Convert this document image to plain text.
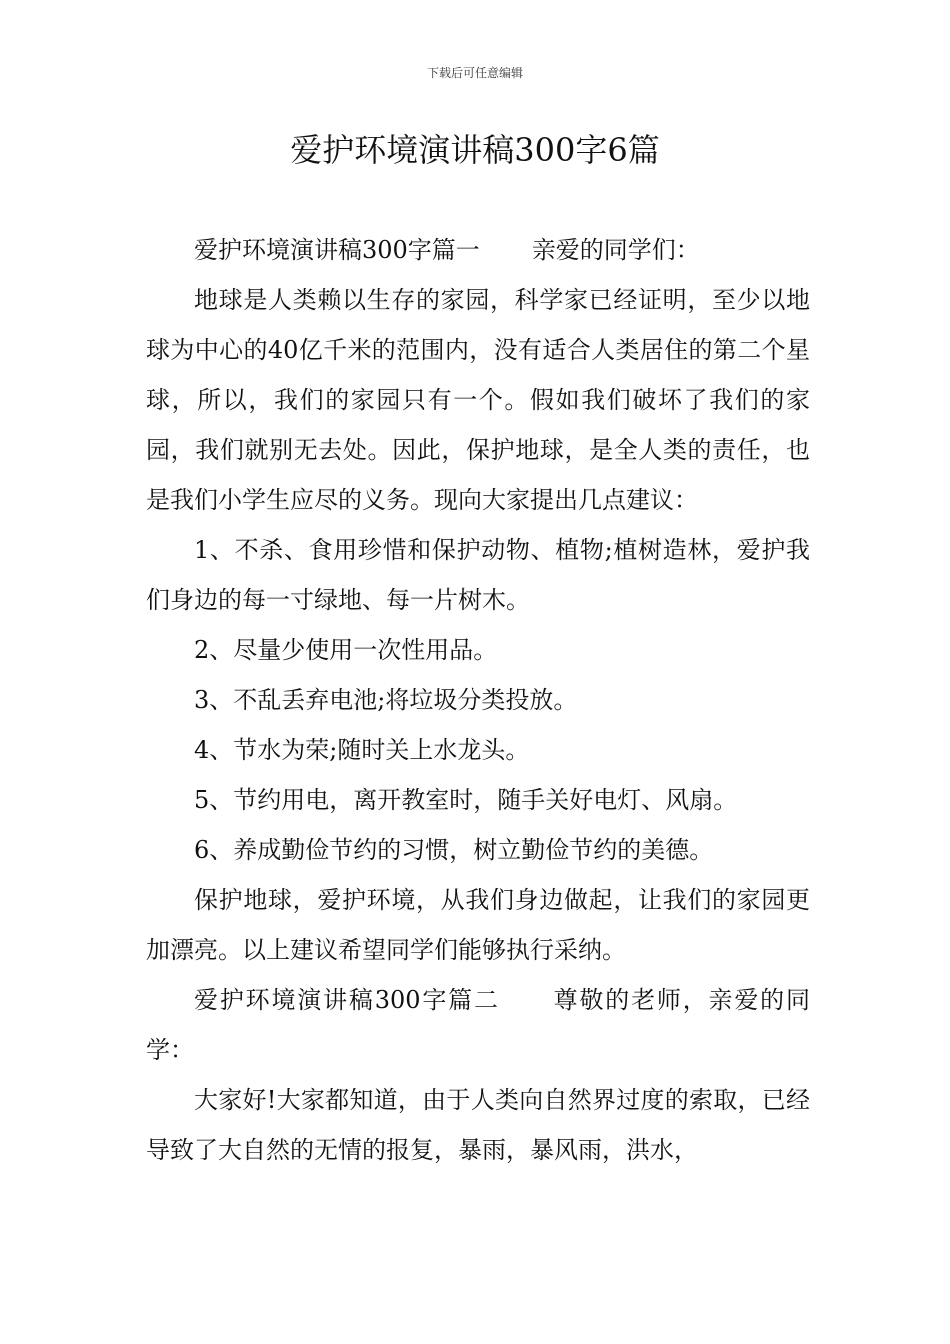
下载后可任意编辑
爱护环境演讲稿300字6篇

爱护环境演讲稿300字篇一 亲爱的同学们：

地球是人类赖以生存的家园，科学家已经证明，至少以地球为中心的40亿千米的范围内，没有适合人类居住的第二个星球，所以，我们的家园只有一个。假如我们破坏了我们的家园，我们就别无去处。因此，保护地球，是全人类的责任，也是我们小学生应尽的义务。现向大家提出几点建议：

1、不杀、食用珍惜和保护动物、植物;植树造林，爱护我们身边的每一寸绿地、每一片树木。

2、尽量少使用一次性用品。

3、不乱丢弃电池;将垃圾分类投放。

4、节水为荣;随时关上水龙头。

5、节约用电，离开教室时，随手关好电灯、风扇。

6、养成勤俭节约的习惯，树立勤俭节约的美德。

保护地球，爱护环境，从我们身边做起，让我们的家园更加漂亮。以上建议希望同学们能够执行采纳。

爱护环境演讲稿300字篇二 尊敬的老师，亲爱的同学：

大家好!大家都知道，由于人类向自然界过度的索取，已经导致了大自然的无情的报复，暴雨，暴风雨，洪水，
